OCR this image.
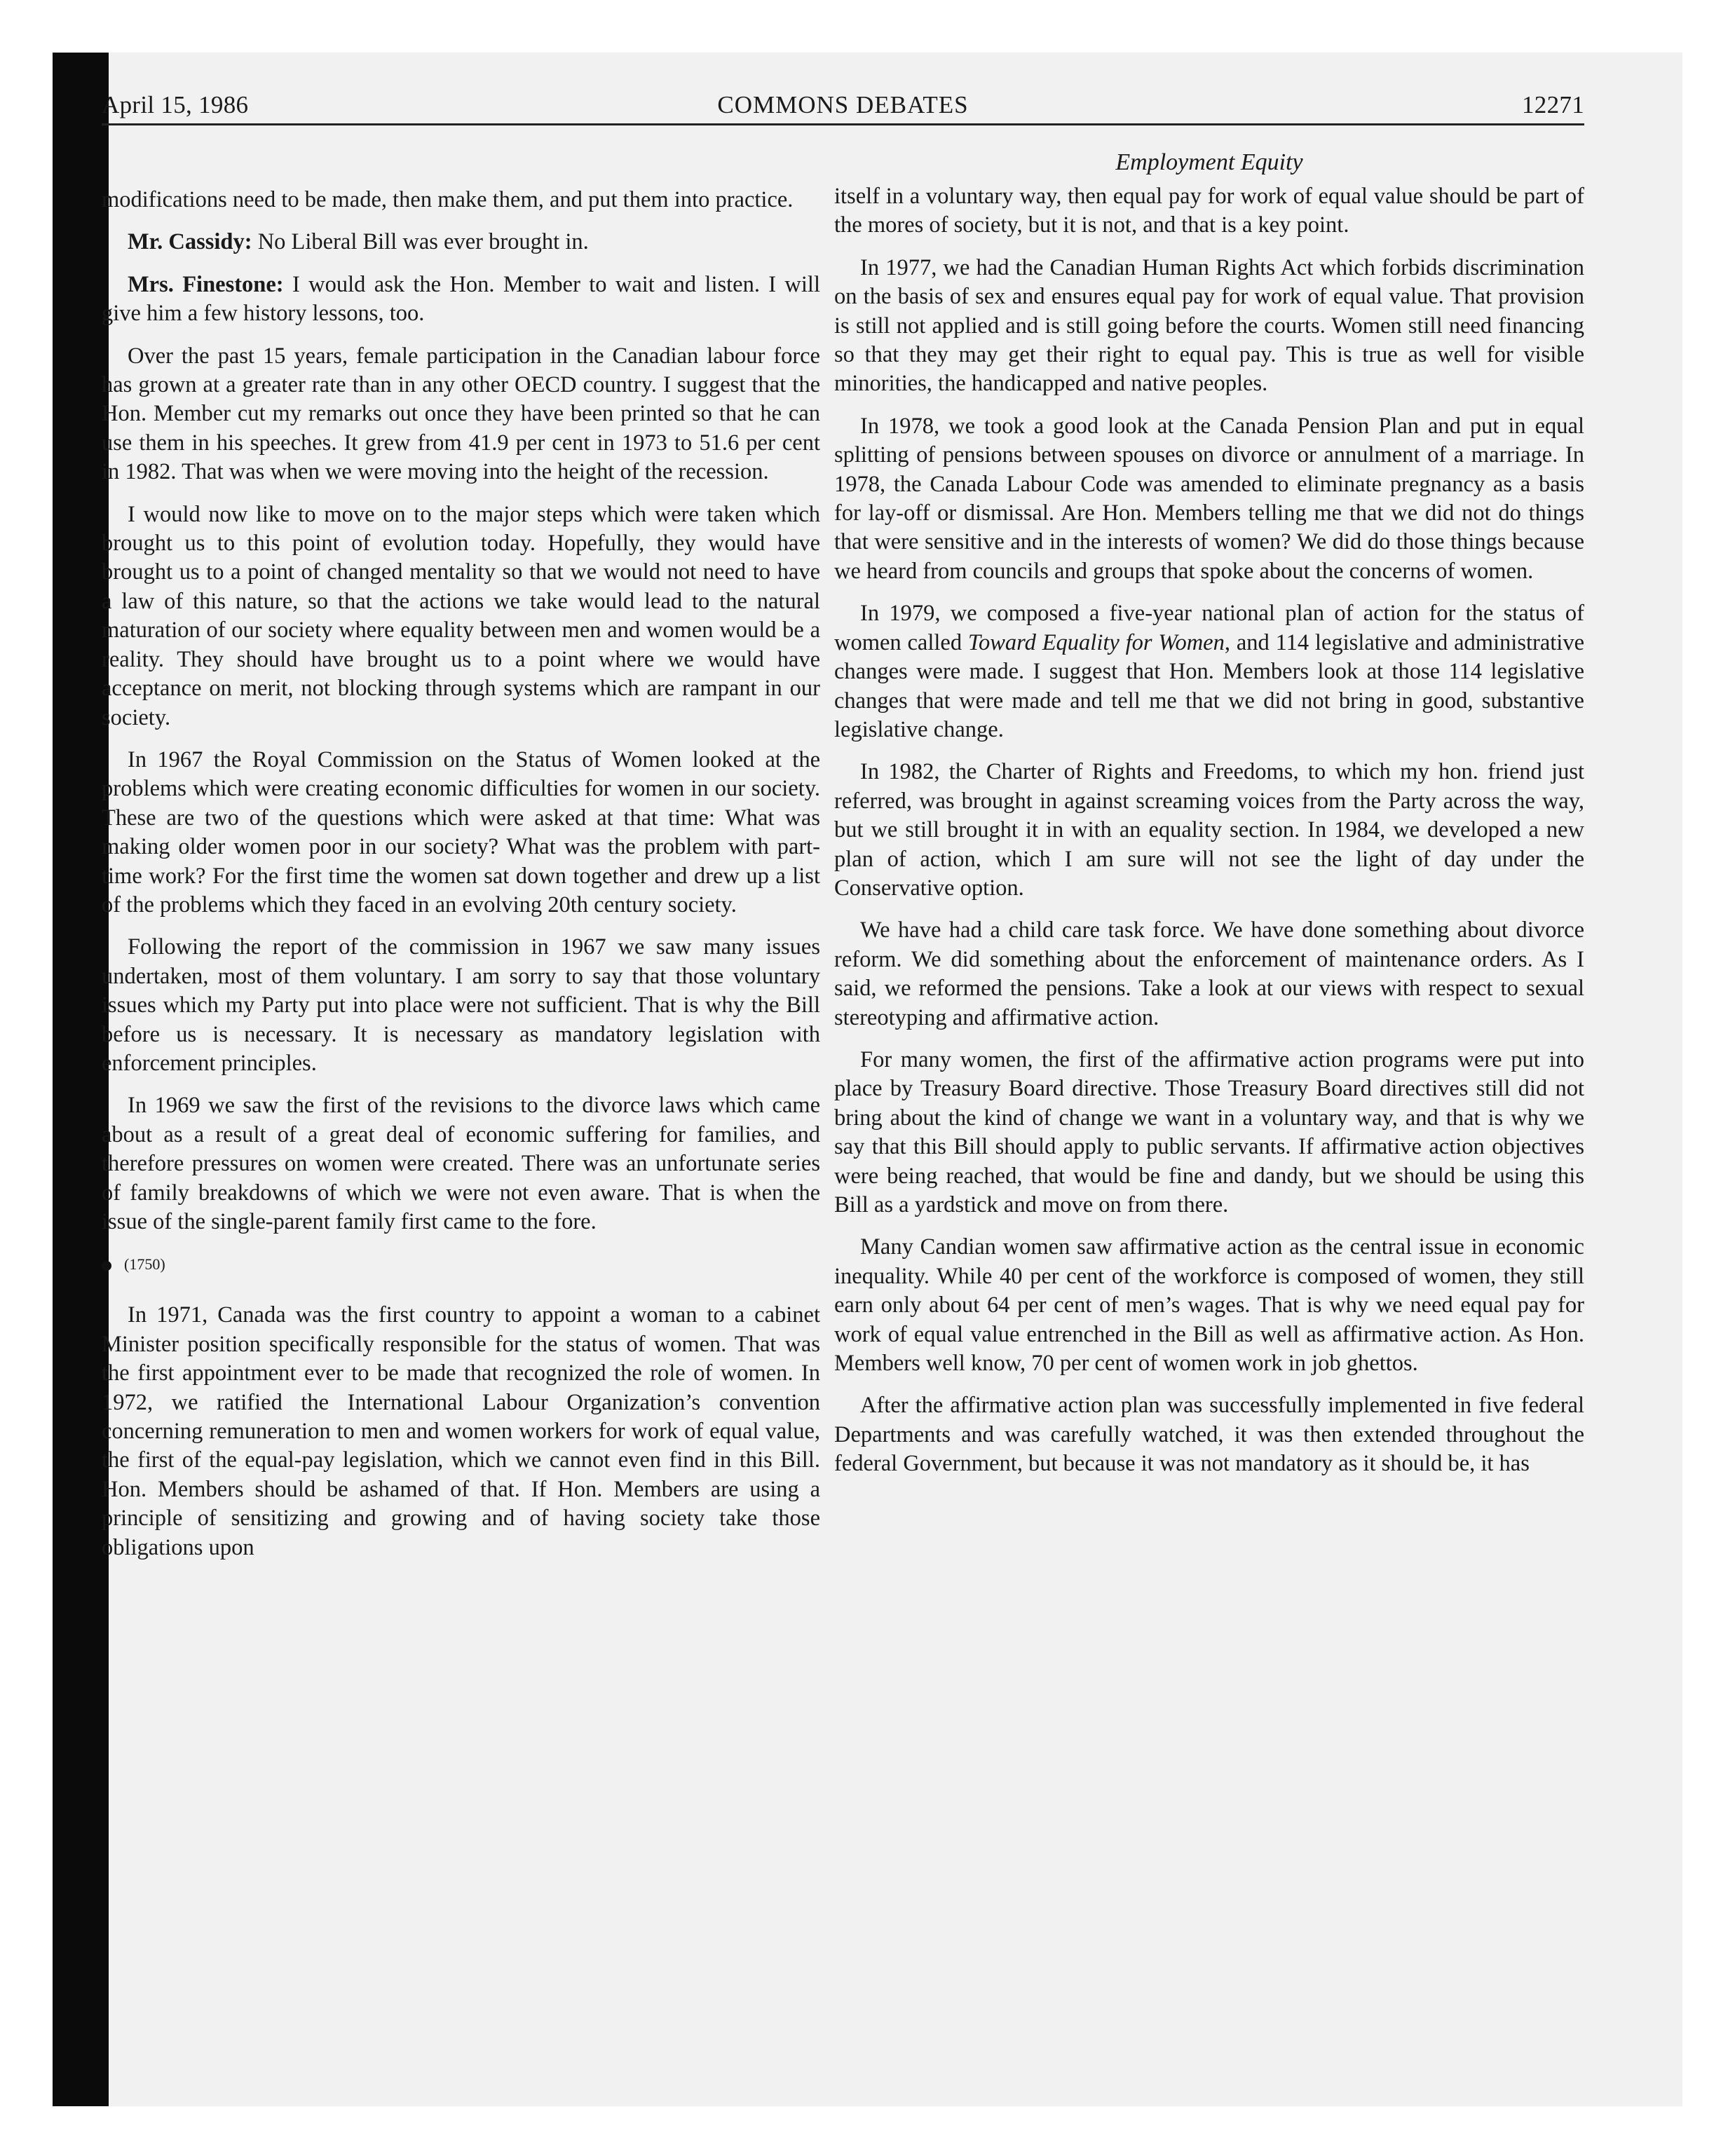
April 15, 1986	COMMONS DEBATES	12271
Employment Equity

modifications need to be made, then make them, and put them into practice.

Mr. Cassidy: No Liberal Bill was ever brought in.

Mrs. Finestone: I would ask the Hon. Member to wait and listen. I will give him a few history lessons, too.

Over the past 15 years, female participation in the Canadian labour force has grown at a greater rate than in any other OECD country. I suggest that the Hon. Member cut my remarks out once they have been printed so that he can use them in his speeches. It grew from 41.9 per cent in 1973 to 51.6 per cent in 1982. That was when we were moving into the height of the recession.

I would now like to move on to the major steps which were taken which brought us to this point of evolution today. Hopefully, they would have brought us to a point of changed mentality so that we would not need to have a law of this nature, so that the actions we take would lead to the natural maturation of our society where equality between men and women would be a reality. They should have brought us to a point where we would have acceptance on merit, not blocking through systems which are rampant in our society.

In 1967 the Royal Commission on the Status of Women looked at the problems which were creating economic difficulties for women in our society. These are two of the questions which were asked at that time: What was making older women poor in our society? What was the problem with part-time work? For the first time the women sat down together and drew up a list of the problems which they faced in an evolving 20th century society.

Following the report of the commission in 1967 we saw many issues undertaken, most of them voluntary. I am sorry to say that those voluntary issues which my Party put into place were not sufficient. That is why the Bill before us is necessary. It is necessary as mandatory legislation with enforcement principles.

In 1969 we saw the first of the revisions to the divorce laws which came about as a result of a great deal of economic suffering for families, and therefore pressures on women were created. There was an unfortunate series of family breakdowns of which we were not even aware. That is when the issue of the single-parent family first came to the fore.

(1750)

In 1971, Canada was the first country to appoint a woman to a cabinet Minister position specifically responsible for the status of women. That was the first appointment ever to be made that recognized the role of women. In 1972, we ratified the International Labour Organization’s convention concerning remuneration to men and women workers for work of equal value, the first of the equal-pay legislation, which we cannot even find in this Bill. Hon. Members should be ashamed of that. If Hon. Members are using a principle of sensitizing and growing and of having society take those obligations upon

itself in a voluntary way, then equal pay for work of equal value should be part of the mores of society, but it is not, and that is a key point.

In 1977, we had the Canadian Human Rights Act which forbids discrimination on the basis of sex and ensures equal pay for work of equal value. That provision is still not applied and is still going before the courts. Women still need financing so that they may get their right to equal pay. This is true as well for visible minorities, the handicapped and native peoples.

In 1978, we took a good look at the Canada Pension Plan and put in equal splitting of pensions between spouses on divorce or annulment of a marriage. In 1978, the Canada Labour Code was amended to eliminate pregnancy as a basis for lay-off or dismissal. Are Hon. Members telling me that we did not do things that were sensitive and in the interests of women? We did do those things because we heard from councils and groups that spoke about the concerns of women.

In 1979, we composed a five-year national plan of action for the status of women called Toward Equality for Women, and 114 legislative and administrative changes were made. I suggest that Hon. Members look at those 114 legislative changes that were made and tell me that we did not bring in good, substantive legislative change.

In 1982, the Charter of Rights and Freedoms, to which my hon. friend just referred, was brought in against screaming voices from the Party across the way, but we still brought it in with an equality section. In 1984, we developed a new plan of action, which I am sure will not see the light of day under the Conservative option.

We have had a child care task force. We have done something about divorce reform. We did something about the enforcement of maintenance orders. As I said, we reformed the pensions. Take a look at our views with respect to sexual stereotyping and affirmative action.

For many women, the first of the affirmative action programs were put into place by Treasury Board directive. Those Treasury Board directives still did not bring about the kind of change we want in a voluntary way, and that is why we say that this Bill should apply to public servants. If affirmative action objectives were being reached, that would be fine and dandy, but we should be using this Bill as a yardstick and move on from there.

Many Candian women saw affirmative action as the central issue in economic inequality. While 40 per cent of the workforce is composed of women, they still earn only about 64 per cent of men’s wages. That is why we need equal pay for work of equal value entrenched in the Bill as well as affirmative action. As Hon. Members well know, 70 per cent of women work in job ghettos.

After the affirmative action plan was successfully implemented in five federal Departments and was carefully watched, it was then extended throughout the federal Government, but because it was not mandatory as it should be, it has
